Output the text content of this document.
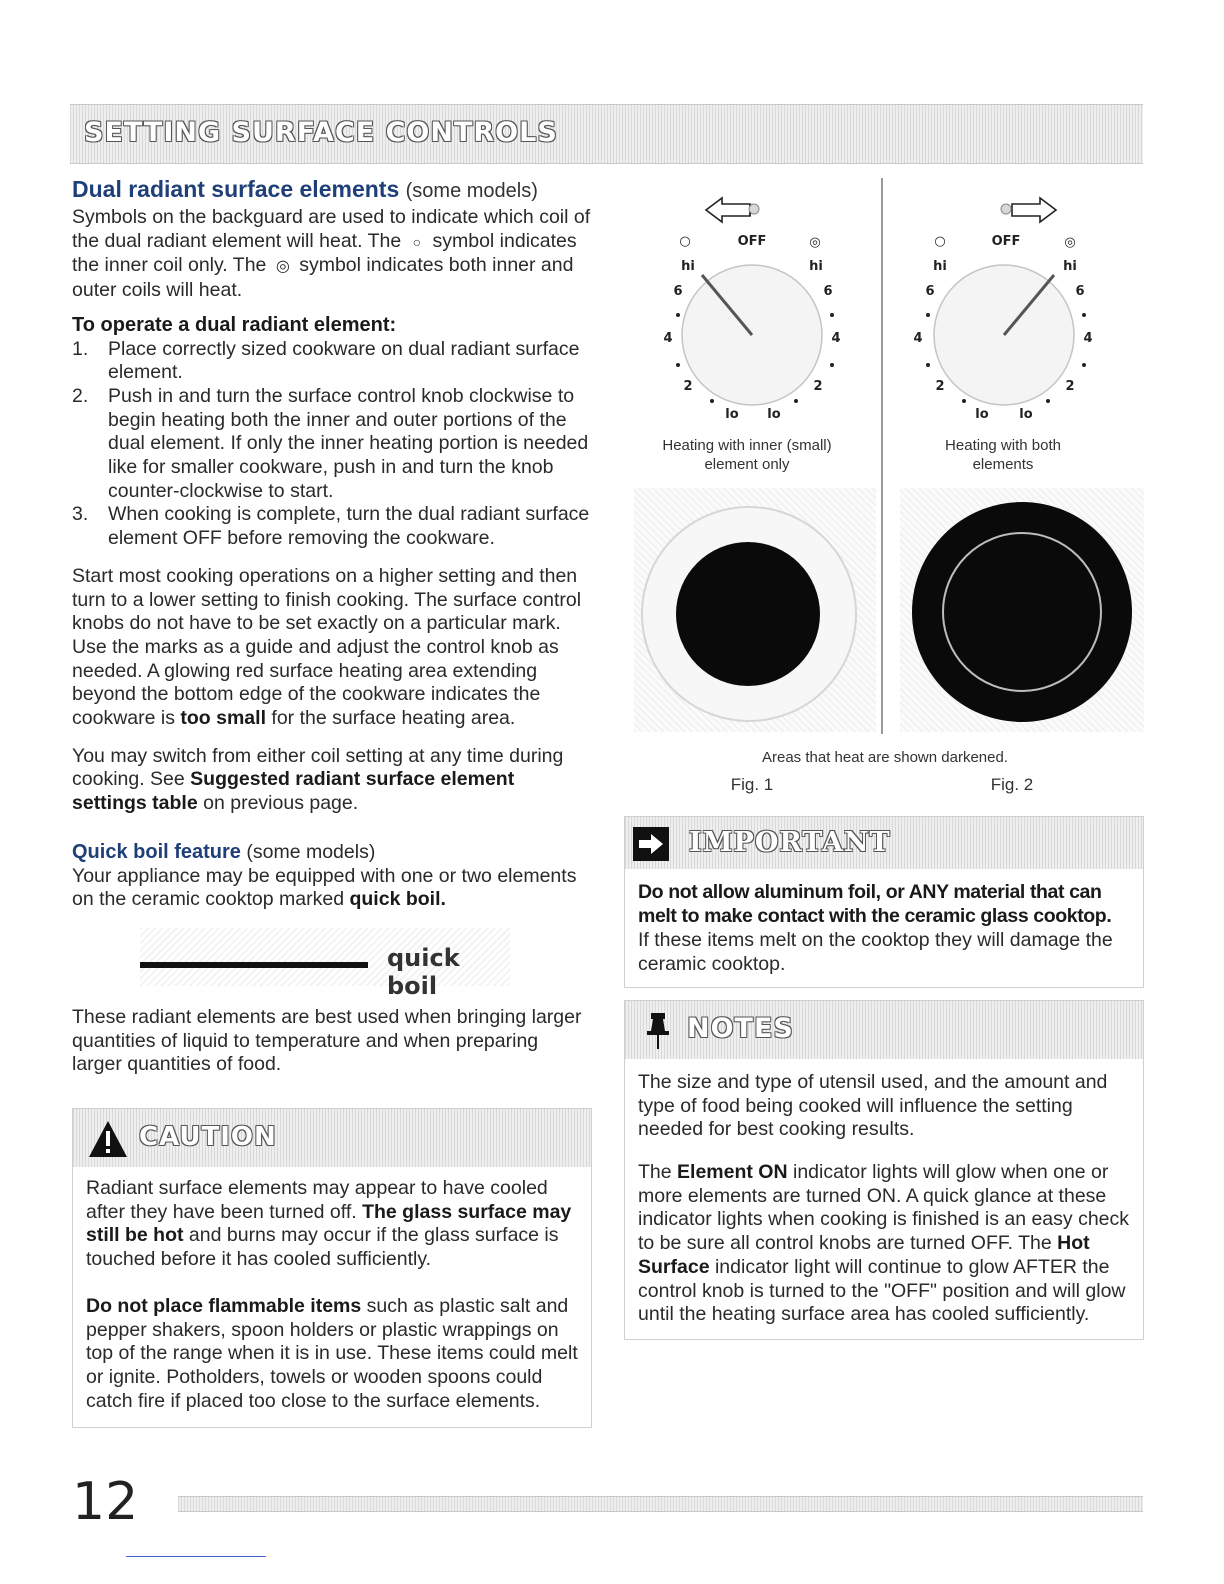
SETTING SURFACE CONTROLS
Dual radiant surface elements (some models)
Symbols on the backguard are used to indicate which coil of the dual radiant element will heat. The ○ symbol indicates the inner coil only. The ◎ symbol indicates both inner and outer coils will heat.
To operate a dual radiant element:
1. Place correctly sized cookware on dual radiant surface element.
2. Push in and turn the surface control knob clockwise to begin heating both the inner and outer portions of the dual element. If only the inner heating portion is needed like for smaller cookware, push in and turn the knob counter-clockwise to start.
3. When cooking is complete, turn the dual radiant surface element OFF before removing the cookware.
Start most cooking operations on a higher setting and then turn to a lower setting to finish cooking. The surface control knobs do not have to be set exactly on a particular mark. Use the marks as a guide and adjust the control knob as needed. A glowing red surface heating area extending beyond the bottom edge of the cookware indicates the cookware is too small for the surface heating area.
You may switch from either coil setting at any time during cooking. See Suggested radiant surface element settings table on previous page.
Quick boil feature (some models)
Your appliance may be equipped with one or two elements on the ceramic cooktop marked quick boil.
quick boil
These radiant elements are best used when bringing larger quantities of liquid to temperature and when preparing larger quantities of food.
CAUTION
Radiant surface elements may appear to have cooled after they have been turned off. The glass surface may still be hot and burns may occur if the glass surface is touched before it has cooled sufficiently.
Do not place flammable items such as plastic salt and pepper shakers, spoon holders or plastic wrappings on top of the range when it is in use. These items could melt or ignite. Potholders, towels or wooden spoons could catch fire if placed too close to the surface elements.
○	OFF	◎
hi	hi
6	6
4	4
2	2
lo lo
○	OFF	◎
hi	hi
6	6
4	4
2	2
lo lo
Heating with inner (small) element only
Heating with both elements
Areas that heat are shown darkened.
Fig. 1	Fig. 2
IMPORTANT
Do not allow aluminum foil, or ANY material that can melt to make contact with the ceramic glass cooktop.
If these items melt on the cooktop they will damage the ceramic cooktop.
NOTES
The size and type of utensil used, and the amount and type of food being cooked will influence the setting needed for best cooking results.
The Element ON indicator lights will glow when one or more elements are turned ON. A quick glance at these indicator lights when cooking is finished is an easy check to be sure all control knobs are turned OFF. The Hot Surface indicator light will continue to glow AFTER the control knob is turned to the "OFF" position and will glow until the heating surface area has cooled sufficiently.
12
